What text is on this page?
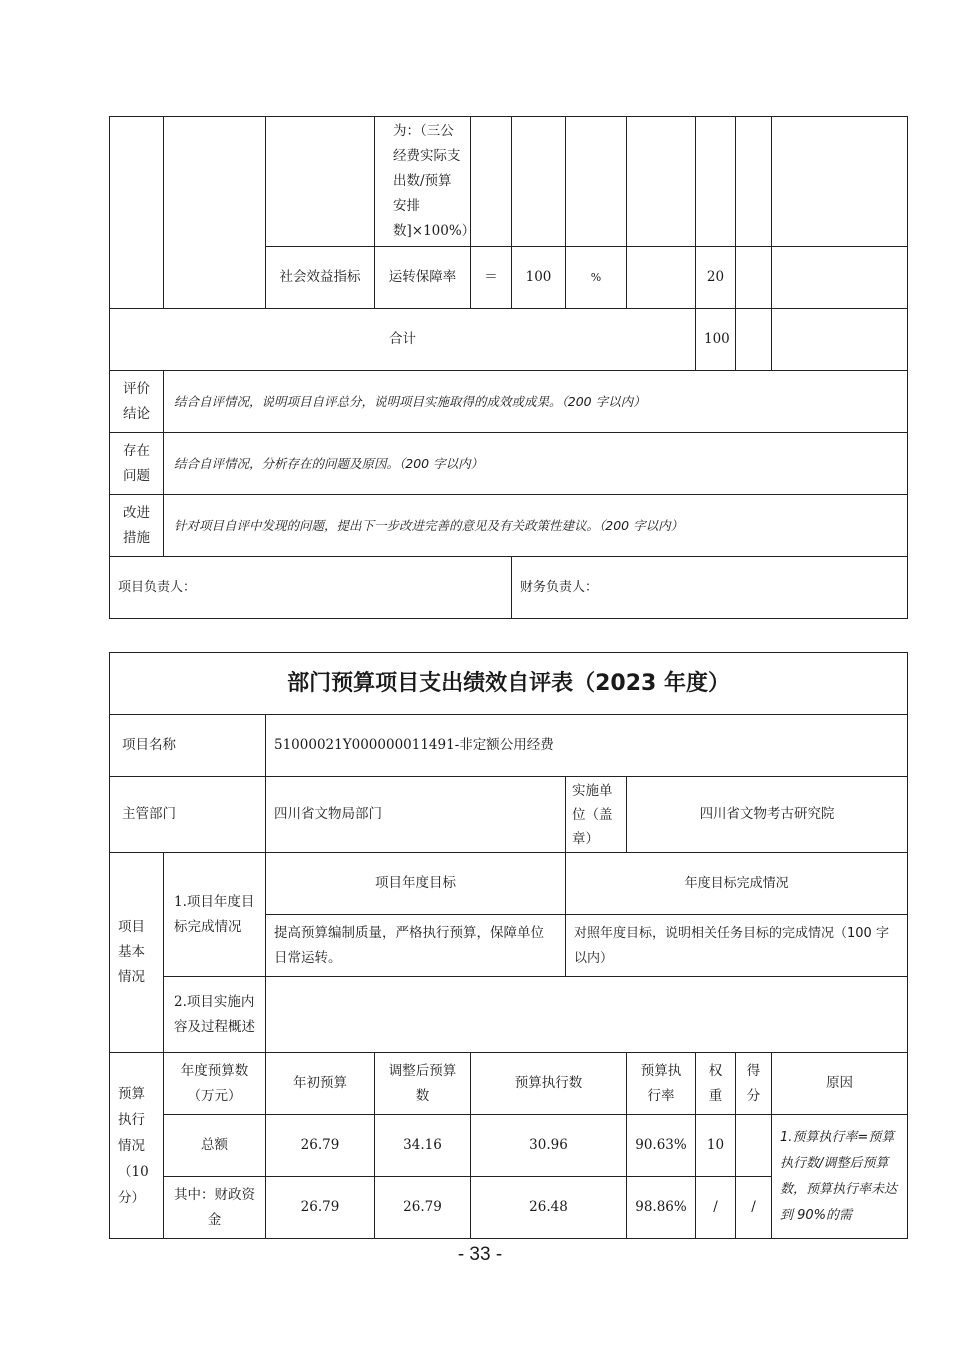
			为：（三公经费实际支出数/预算安排数]×100%）							
		社会效益指标	运转保障率	＝	100	%		20		
合计								100		
评价结论	结合自评情况，说明项目自评总分，说明项目实施取得的成效或成果。（200 字以内）									
存在问题	结合自评情况，分析存在的问题及原因。（200 字以内）									
改进措施	针对项目自评中发现的问题，提出下一步改进完善的意见及有关政策性建议。（200 字以内）									
项目负责人：					财务负责人：					
部门预算项目支出绩效自评表（2023 年度）									
项目名称		51000021Y000000011491-非定额公用经费							
主管部门		四川省文物局部门			实施单位（盖章）	四川省文物考古研究院			
项目基本情况	1.项目年度目标完成情况	项目年度目标			年度目标完成情况				
		提高预算编制质量，严格执行预算，保障单位日常运转。			对照年度目标，说明相关任务目标的完成情况（100 字以内）				
	2.项目实施内容及过程概述								
预算执行情况（10分）	年度预算数（万元）	年初预算	调整后预算数	预算执行数		预算执行率	权重	得分	原因
	总额	26.79	34.16	30.96		90.63%	10		1.预算执行率=预算执行数/调整后预算数，预算执行率未达到 90%的需
	其中：财政资金	26.79	26.79	26.48		98.86%	/	/	
- 33 -
